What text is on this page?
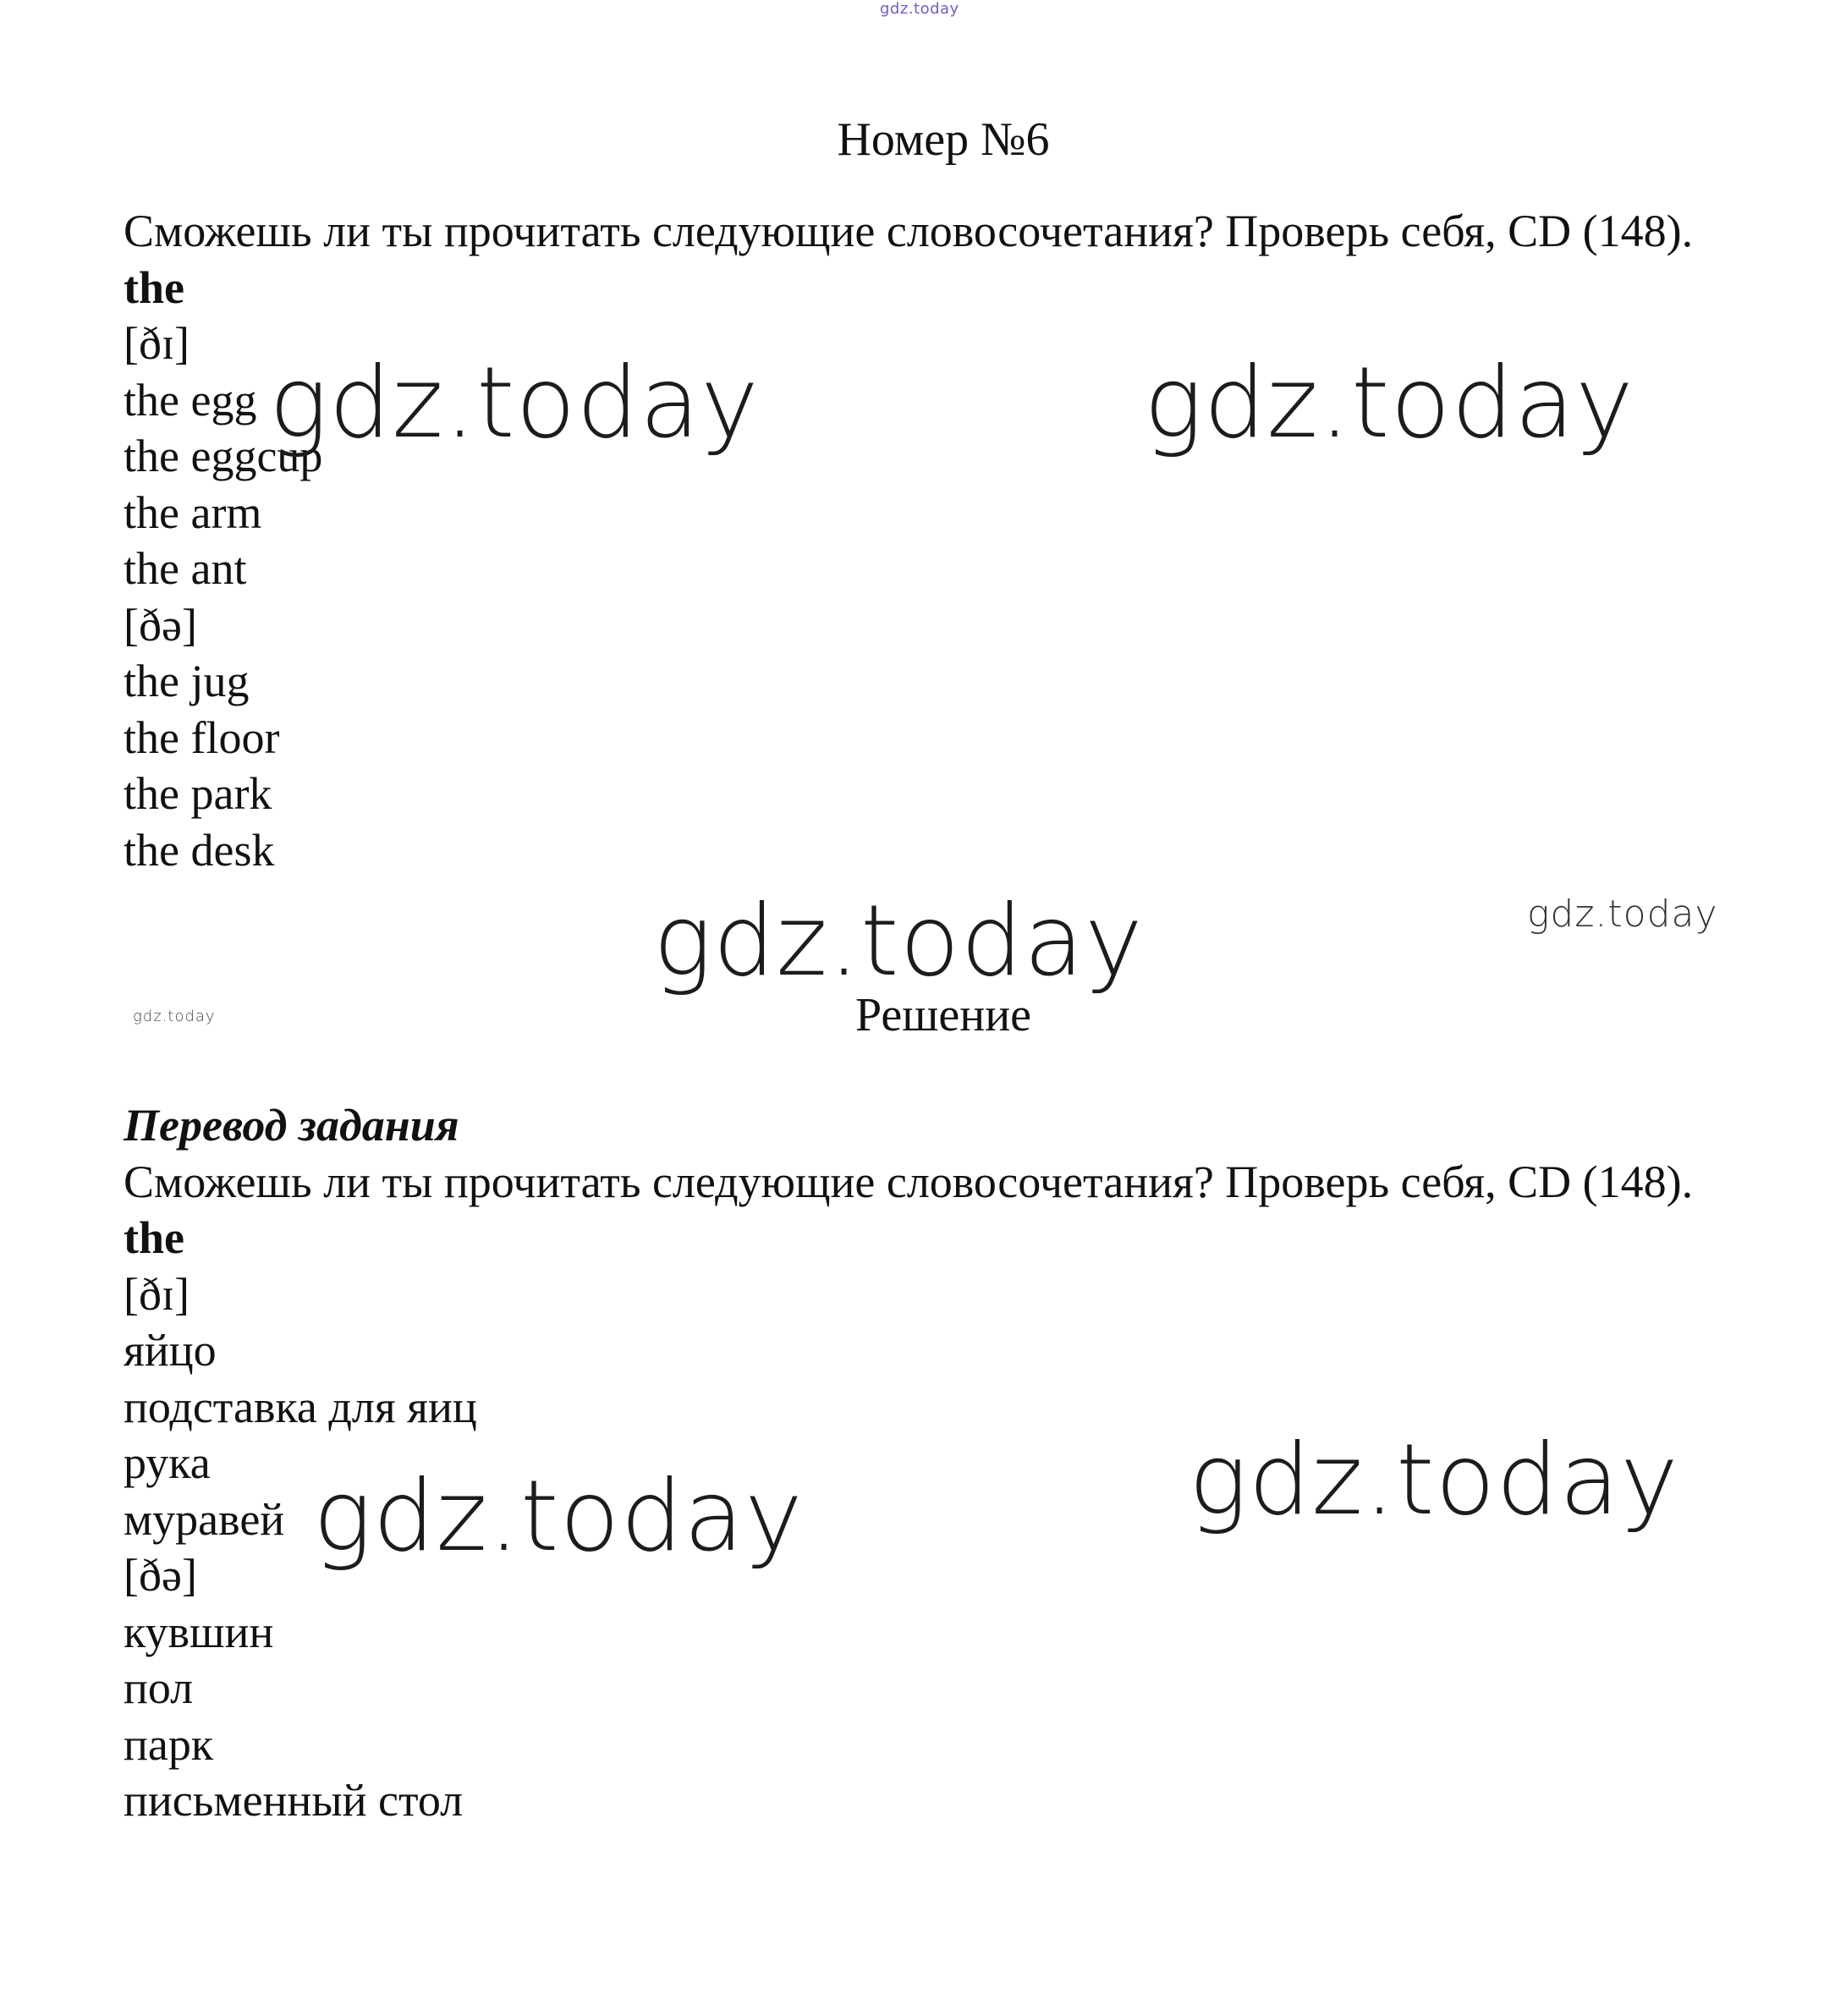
gdz.today
Номер №6

Сможешь ли ты прочитать следующие словосочетания? Проверь себя, CD (148).

the

[ðɪ]

the egg

the eggcup

the arm

the ant

[ðə]

the jug

the floor

the park

the desk

Решение

Перевод задания

Сможешь ли ты прочитать следующие словосочетания? Проверь себя, CD (148).

the

[ðɪ]

яйцо

подставка для яиц

рука

муравей

[ðə]

кувшин

пол

парк

письменный стол

gdz.today	gdz.today
gdz.today	gdz.today
gdz.today
gdz.today
gdz.today
